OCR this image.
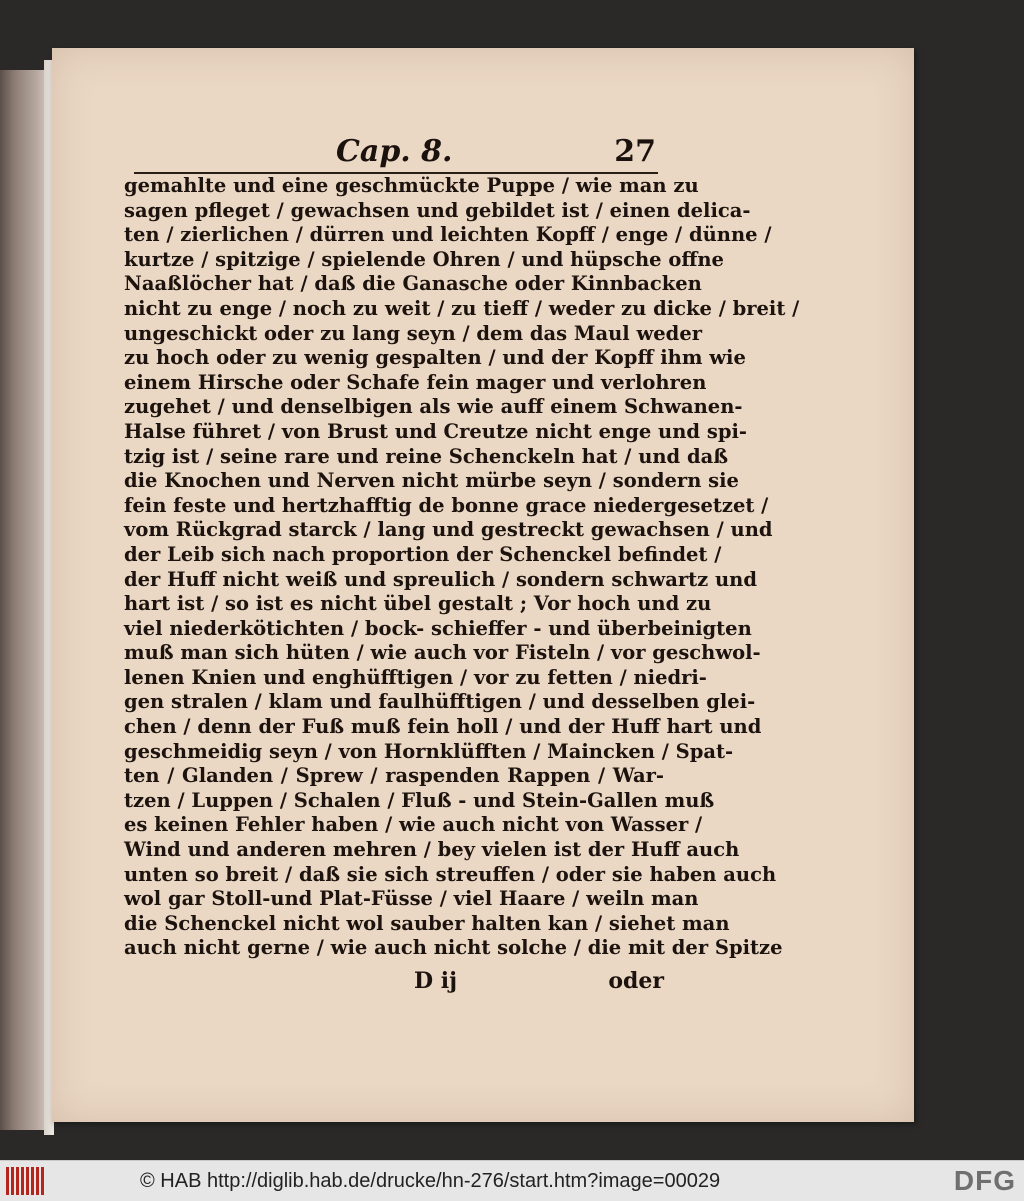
Cap. 8.	27
gemahlte und eine geschmückte Puppe / wie man zu
sagen pfleget / gewachsen und gebildet ist / einen delica-
ten / zierlichen / dürren und leichten Kopff / enge / dünne /
kurtze / spitzige / spielende Ohren / und hüpsche offne
Naaßlöcher hat / daß die Ganasche oder Kinnbacken
nicht zu enge / noch zu weit / zu tieff / weder zu dicke / breit /
ungeschickt oder zu lang seyn / dem das Maul weder
zu hoch oder zu wenig gespalten / und der Kopff ihm wie
einem Hirsche oder Schafe fein mager und verlohren
zugehet / und denselbigen als wie auff einem Schwanen-
Halse führet / von Brust und Creutze nicht enge und spi-
tzig ist / seine rare und reine Schenckeln hat / und daß
die Knochen und Nerven nicht mürbe seyn / sondern sie
fein feste und hertzhafftig de bonne grace niedergesetzet /
vom Rückgrad starck / lang und gestreckt gewachsen / und
der Leib sich nach proportion der Schenckel befindet /
der Huff nicht weiß und spreulich / sondern schwartz und
hart ist / so ist es nicht übel gestalt ; Vor hoch und zu
viel niederkötichten / bock- schieffer - und überbeinigten
muß man sich hüten / wie auch vor Fisteln / vor geschwol-
lenen Knien und enghüfftigen / vor zu fetten / niedri-
gen stralen / klam und faulhüfftigen / und desselben glei-
chen / denn der Fuß muß fein holl / und der Huff hart und
geschmeidig seyn / von Hornklüfften / Maincken / Spat-
ten / Glanden / Sprew / raspenden Rappen / War-
tzen / Luppen / Schalen / Fluß - und Stein-Gallen muß
es keinen Fehler haben / wie auch nicht von Wasser /
Wind und anderen mehren / bey vielen ist der Huff auch
unten so breit / daß sie sich streuffen / oder sie haben auch
wol gar Stoll-und Plat-Füsse / viel Haare / weiln man
die Schenckel nicht wol sauber halten kan / siehet man
auch nicht gerne / wie auch nicht solche / die mit der Spitze
D ij	oder
© HAB http://diglib.hab.de/drucke/hn-276/start.htm?image=00029	DFG
